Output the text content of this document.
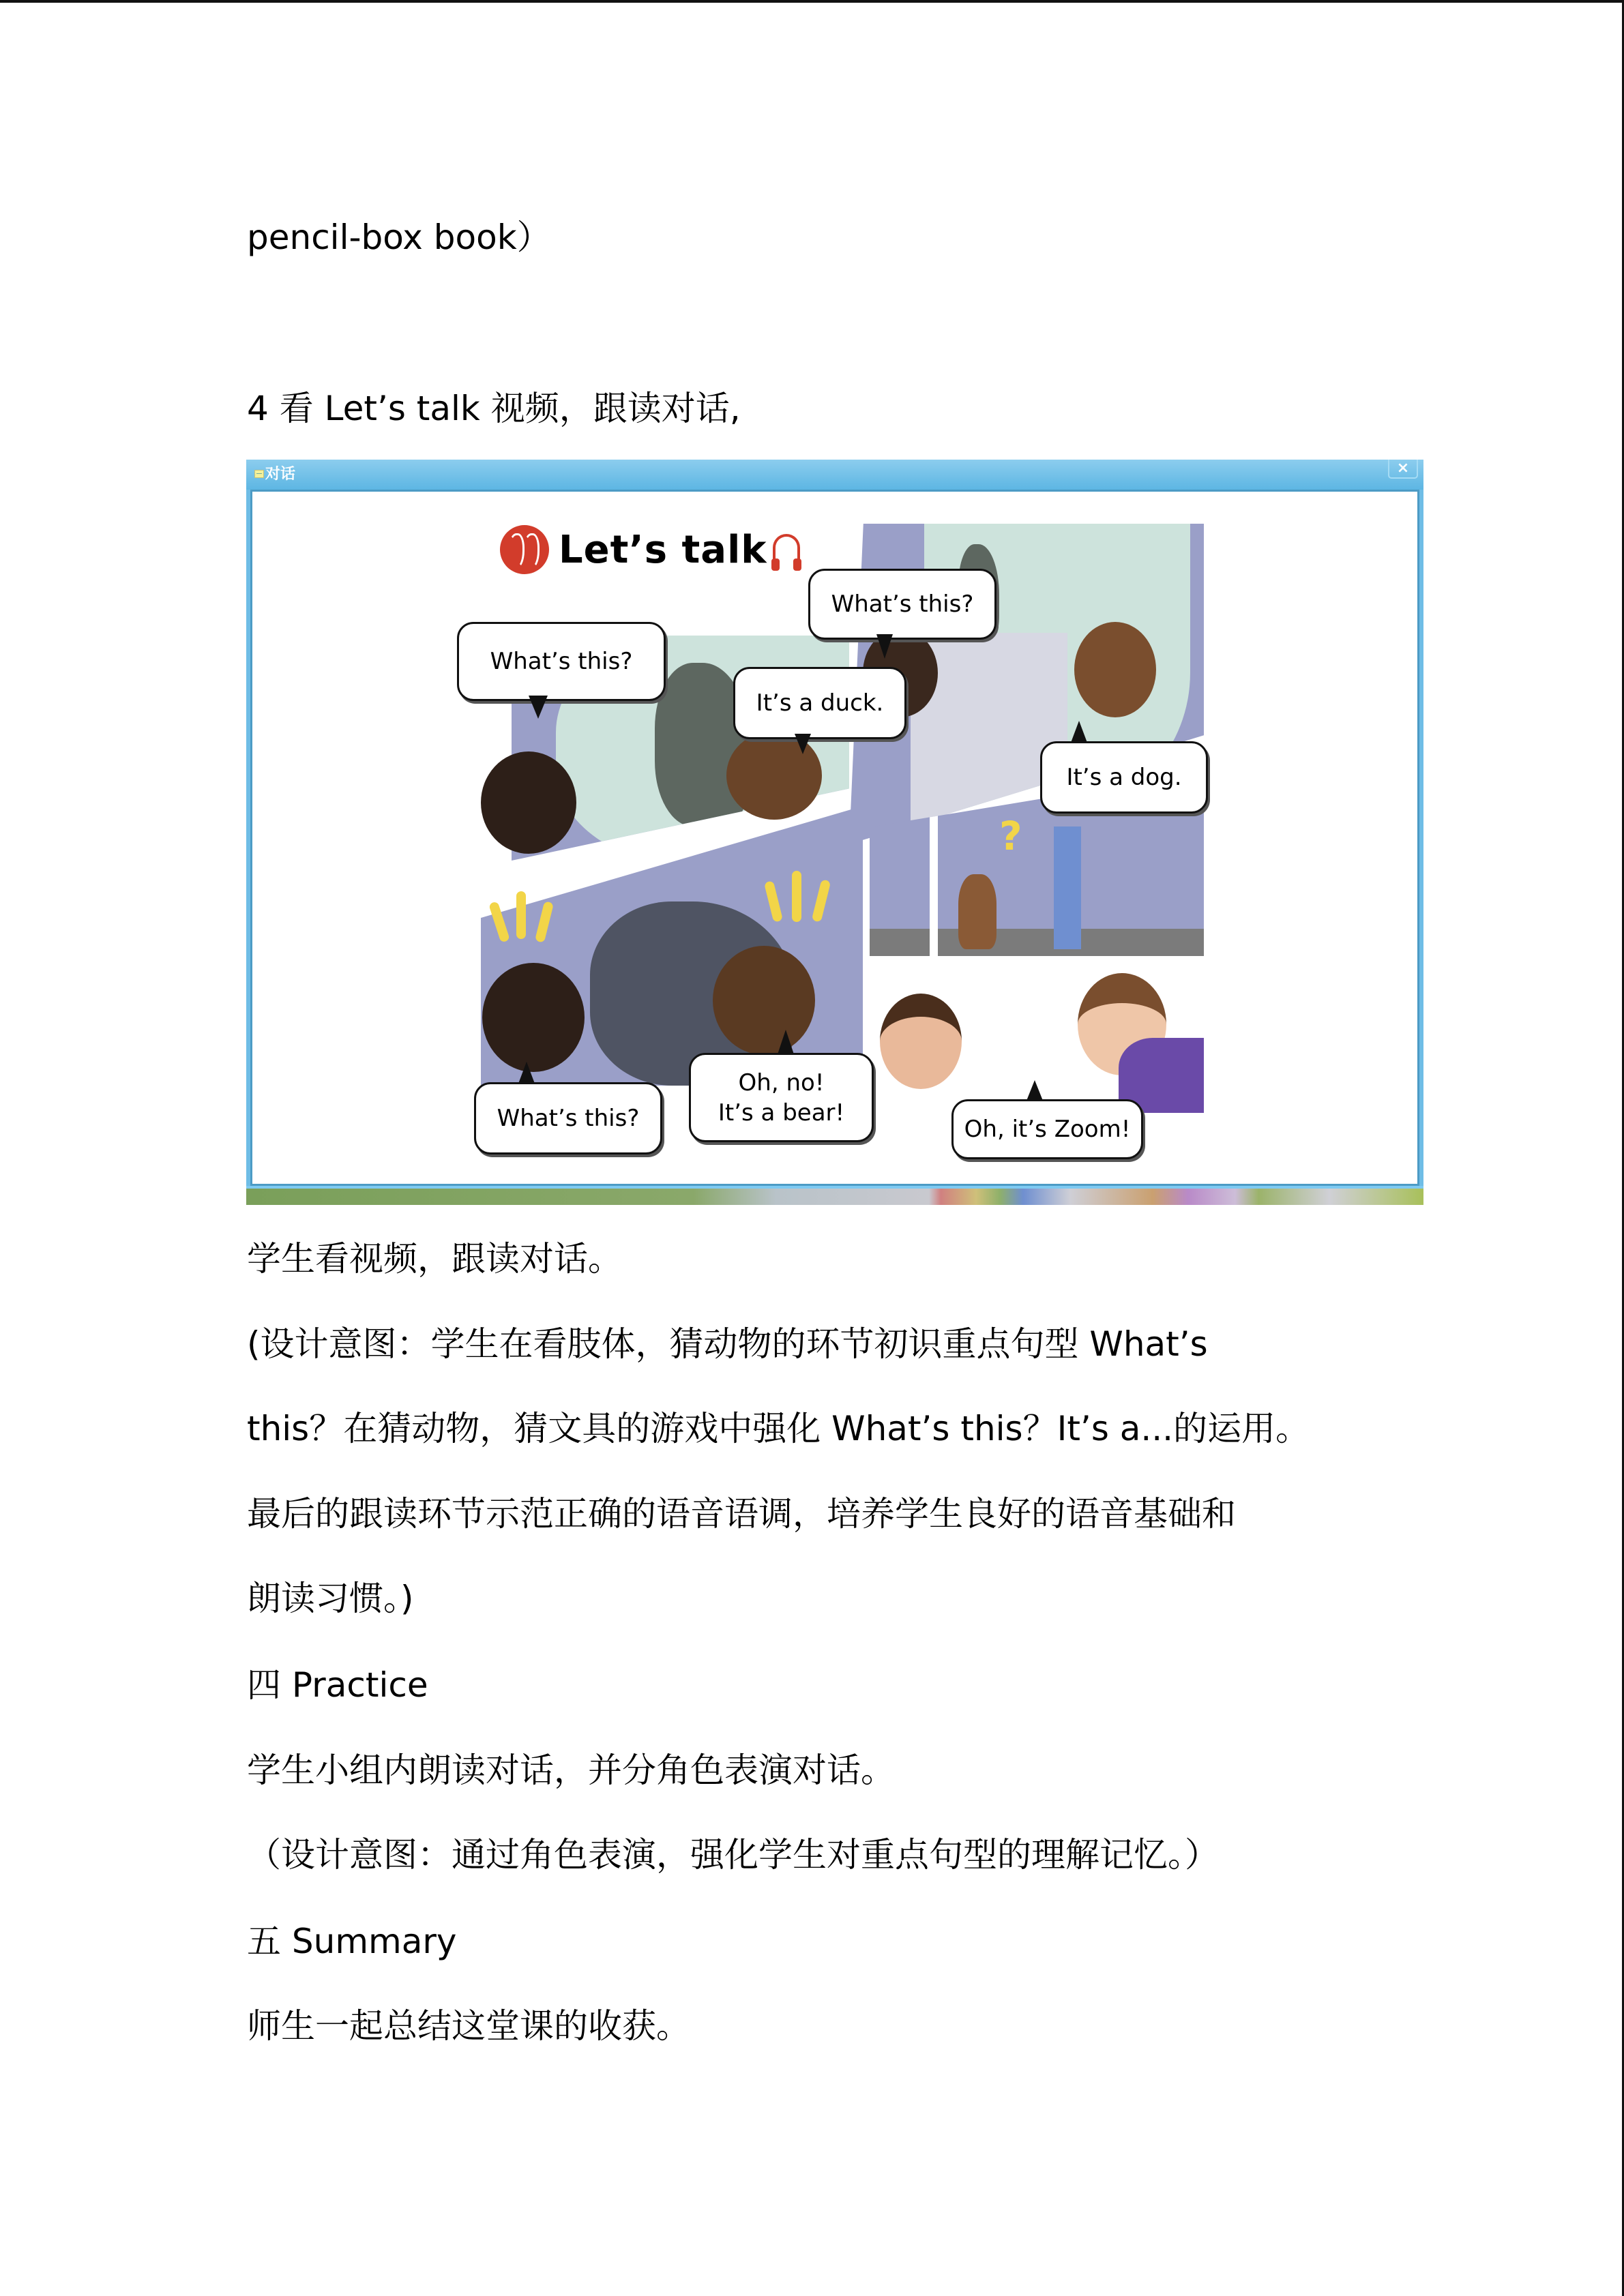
pencil-box book）
4 看 Let’s talk 视频，跟读对话,
对话	×
?
Let’s talk
What’s this?
It’s a duck.
What’s this?
It’s a dog.
What’s this?
Oh, no!
It’s a bear!
Oh, it’s Zoom!
学生看视频，跟读对话。
(设计意图：学生在看肢体，猜动物的环节初识重点句型 What’s
this？在猜动物，猜文具的游戏中强化 What’s this？It’s a...的运用。
最后的跟读环节示范正确的语音语调，培养学生良好的语音基础和
朗读习惯。)
四 Practice
学生小组内朗读对话，并分角色表演对话。
（设计意图：通过角色表演，强化学生对重点句型的理解记忆。）
五 Summary
师生一起总结这堂课的收获。
